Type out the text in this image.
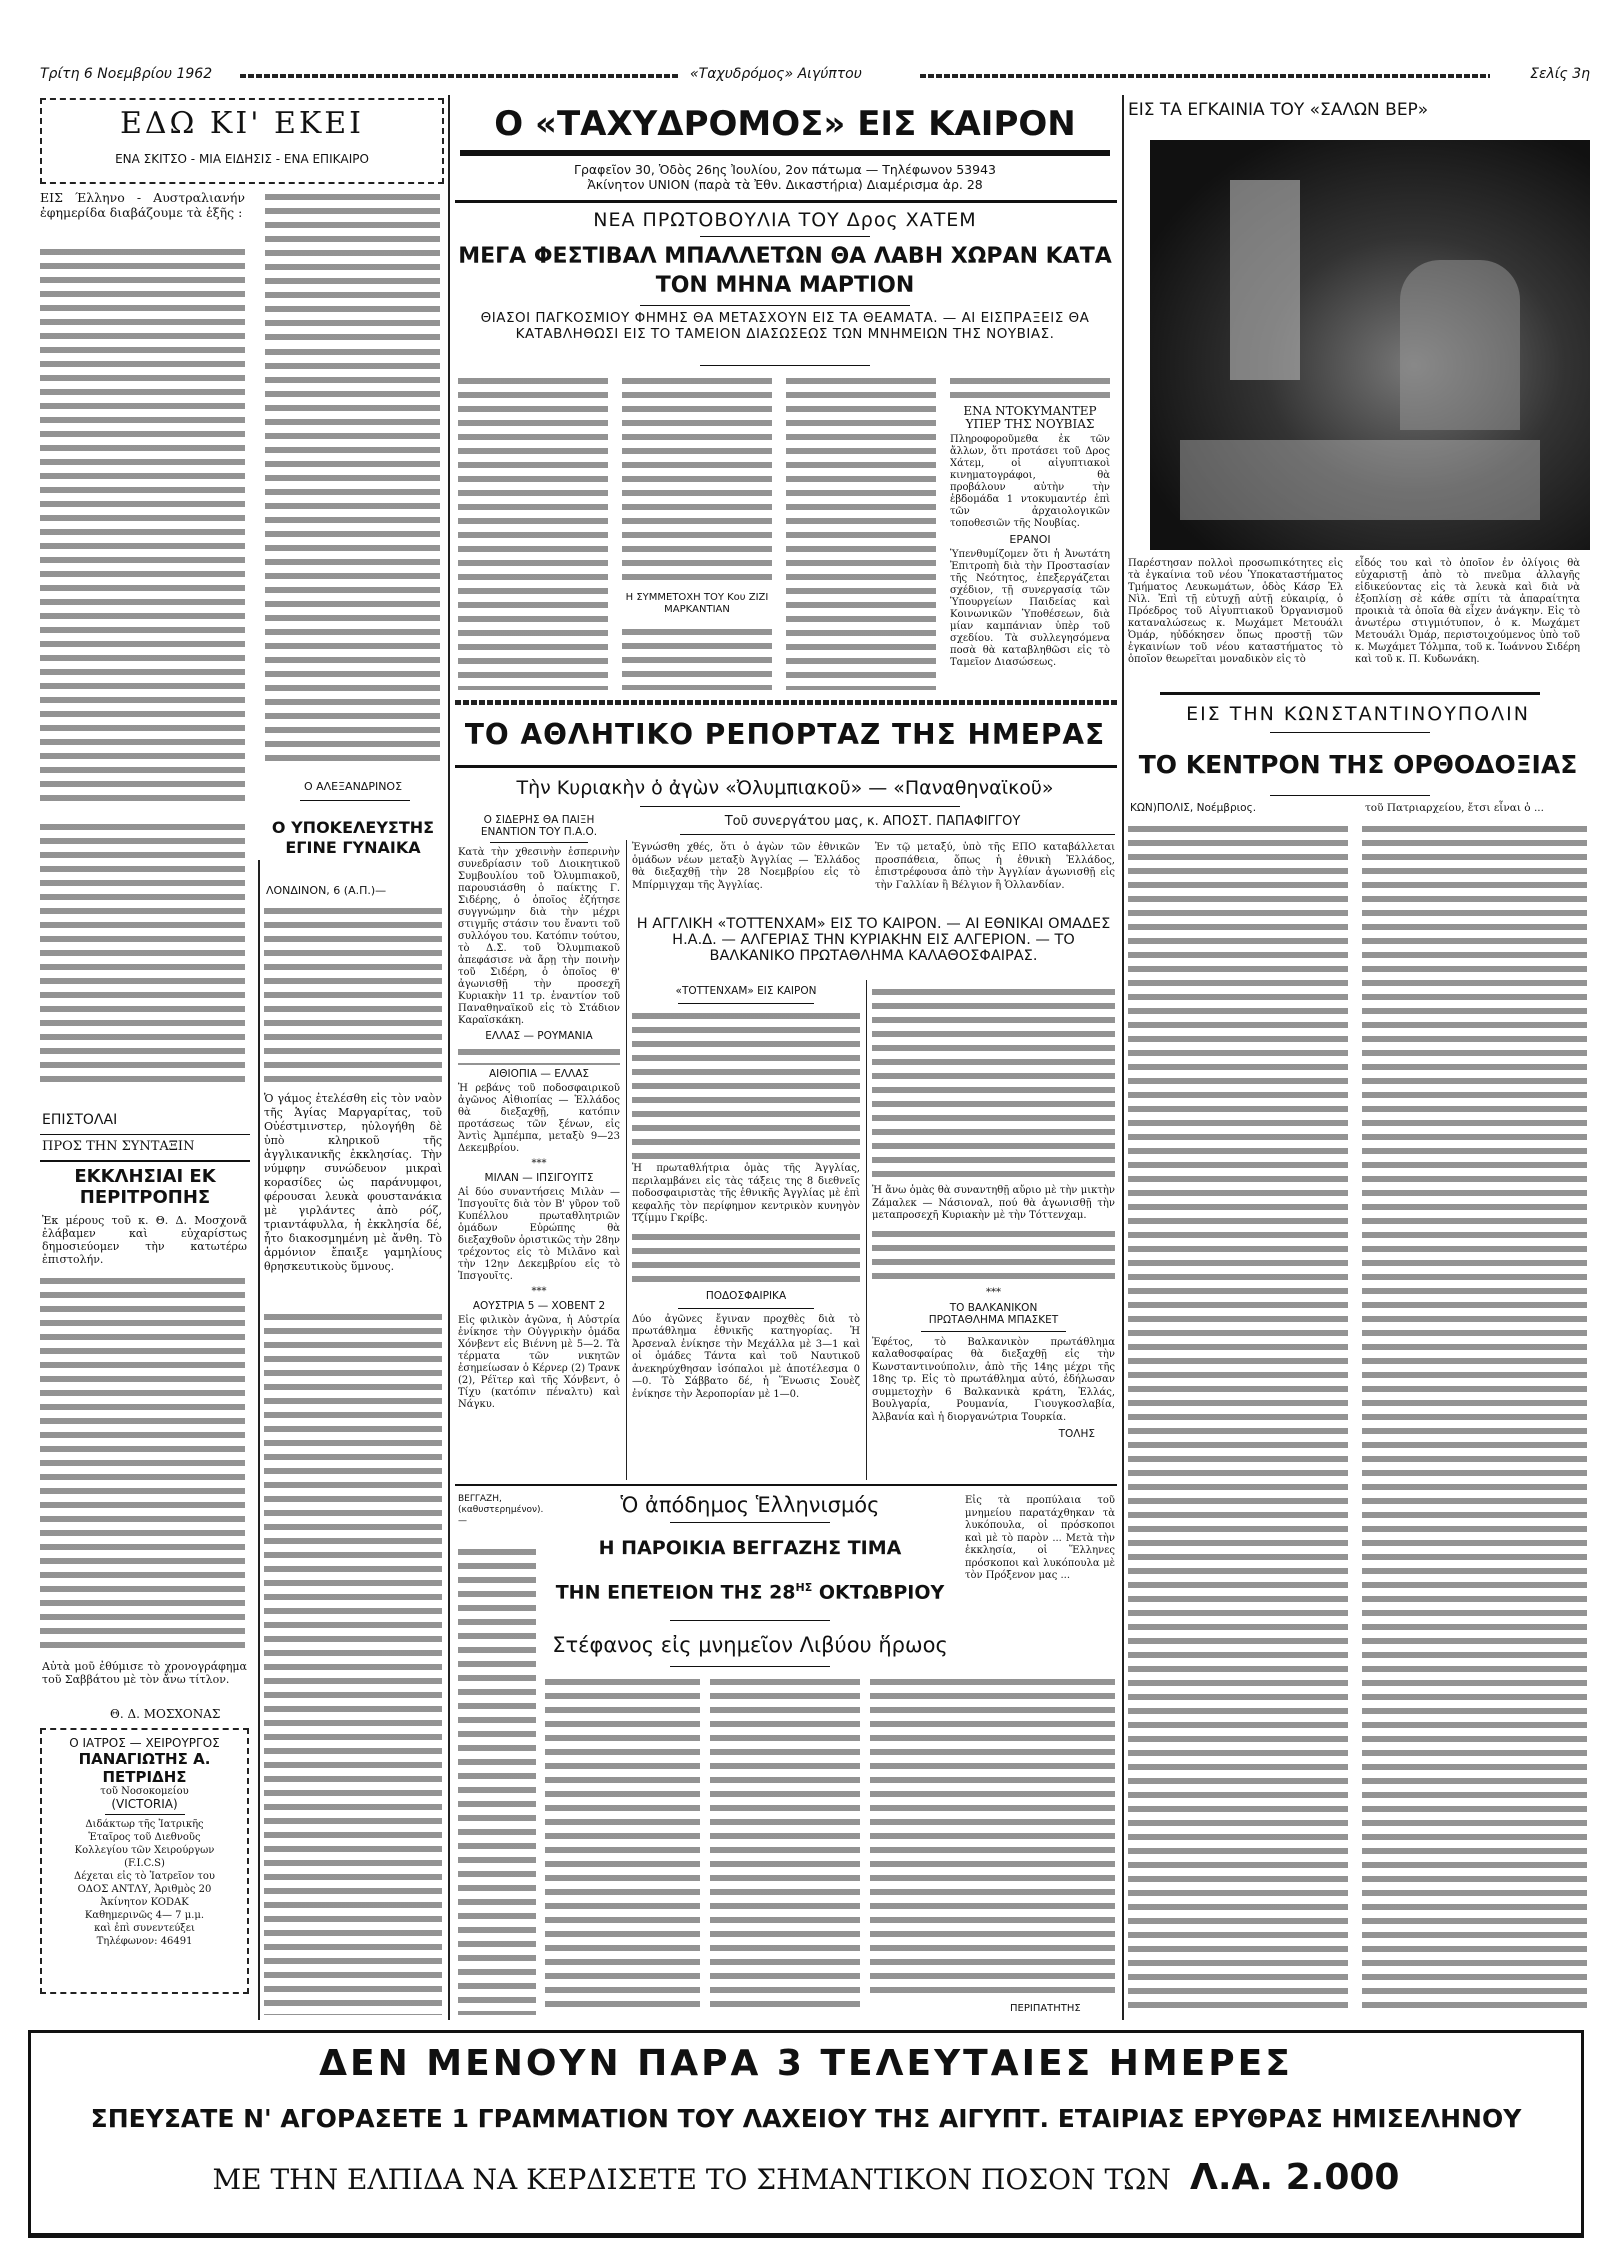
Τρίτη 6 Νοεμβρίου 1962	«Ταχυδρόμος» Αιγύπτου	Σελίς 3η
ΕΔΩ ΚΙ' ΕΚΕΙ
ΕΝΑ ΣΚΙΤΣΟ - ΜΙΑ ΕΙΔΗΣΙΣ - ΕΝΑ ΕΠΙΚΑΙΡΟ
ΕΙΣ Έλληνο - Αυστραλιανήν ἐφημερίδα διαβάζουμε τὰ ἑξῆς :
ΕΠΙΣΤΟΛΑΙ
ΠΡΟΣ ΤΗΝ ΣΥΝΤΑΞΙΝ
ΕΚΚΛΗΣΙΑΙ ΕΚ ΠΕΡΙΤΡΟΠΗΣ
Ἐκ μέρους τοῦ κ. Θ. Δ. Μοσχονᾶ ἐλάβαμεν καὶ εὐχαρίστως δημοσιεύομεν τὴν κατωτέρω ἐπιστολήν.
Αὐτὰ μοῦ ἐθύμισε τὸ χρονογράφημα τοῦ Σαββάτου μὲ τὸν ἄνω τίτλον.
Θ. Δ. ΜΟΣΧΟΝΑΣ
Ο ΙΑΤΡΟΣ — ΧΕΙΡΟΥΡΓΟΣ
ΠΑΝΑΓΙΩΤΗΣ Α. ΠΕΤΡΙΔΗΣ
τοῦ Νοσοκομείου
(VICTORIA)
Διδάκτωρ τῆς Ἰατρικῆς
Ἑταῖρος τοῦ Διεθνοῦς
Κολλεγίου τῶν Χειρούργων
(F.I.C.S)
Δέχεται εἰς τὸ Ἰατρεῖον του
ΟΔΟΣ ΑΝΤΛΥ, Ἀριθμὸς 20
Ἀκίνητον KODAK
Καθημερινῶς 4— 7 μ.μ.
καὶ ἐπὶ συνεντεύξει
Τηλέφωνον: 46491
Ο ΑΛΕΞΑΝΔΡΙΝΟΣ
Ο ΥΠΟΚΕΛΕΥΣΤΗΣ ΕΓΙΝΕ ΓΥΝΑΙΚΑ
ΛΟΝΔΙΝΟΝ, 6 (Α.Π.)—
Ὁ γάμος ἐτελέσθη εἰς τὸν ναὸν τῆς Ἁγίας Μαργαρίτας, τοῦ Οὐέστμινστερ, ηὐλογήθη δὲ ὑπὸ κληρικοῦ τῆς ἀγγλικανικῆς ἐκκλησίας. Τὴν νύμφην συνώδευον μικραὶ κορασίδες ὡς παράνυμφοι, φέρουσαι λευκὰ φουστανάκια μὲ γιρλάντες ἀπὸ ρόζ, τριαντάφυλλα, ἡ ἐκκλησία δέ, ἦτο διακοσμημένη μὲ ἄνθη. Τὸ ἁρμόνιον ἔπαιξε γαμηλίους θρησκευτικοὺς ὕμνους.
Ο «ΤΑΧΥΔΡΟΜΟΣ» ΕΙΣ ΚΑΙΡΟΝ
Γραφεῖον 30, Ὁδὸς 26ης Ἰουλίου, 2ον πάτωμα — Τηλέφωνον 53943
Ἀκίνητον UNION (παρὰ τὰ Ἐθν. Δικαστήρια) Διαμέρισμα ἀρ. 28
ΝΕΑ ΠΡΩΤΟΒΟΥΛΙΑ ΤΟΥ Δρος ΧΑΤΕΜ
ΜΕΓΑ ΦΕΣΤΙΒΑΛ ΜΠΑΛΛΕΤΩΝ ΘΑ ΛΑΒΗ ΧΩΡΑΝ ΚΑΤΑ ΤΟΝ ΜΗΝΑ ΜΑΡΤΙΟΝ
ΘΙΑΣΟΙ ΠΑΓΚΟΣΜΙΟΥ ΦΗΜΗΣ ΘΑ ΜΕΤΑΣΧΟΥΝ ΕΙΣ ΤΑ ΘΕΑΜΑΤΑ. — ΑΙ ΕΙΣΠΡΑΞΕΙΣ ΘΑ ΚΑΤΑΒΛΗΘΩΣΙ ΕΙΣ ΤΟ ΤΑΜΕΙΟΝ ΔΙΑΣΩΣΕΩΣ ΤΩΝ ΜΝΗΜΕΙΩΝ ΤΗΣ ΝΟΥΒΙΑΣ.
Η ΣΥΜΜΕΤΟΧΗ ΤΟΥ Κου ΖΙΖΙ ΜΑΡΚΑΝΤΙΑΝ
ΕΝΑ ΝΤΟΚΥΜΑΝΤΕΡ ΥΠΕΡ ΤΗΣ ΝΟΥΒΙΑΣ
Πληροφοροῦμεθα ἐκ τῶν ἄλλων, ὅτι προτάσει τοῦ Δρος Χάτεμ, οἱ αἰγυπτιακοὶ κινηματογράφοι, θὰ προβάλουν αὐτὴν τὴν ἑβδομάδα 1 ντοκυμαντέρ ἐπὶ τῶν ἀρχαιολογικῶν τοποθεσιῶν τῆς Νουβίας.
ΕΡΑΝΟΙ
Ὑπενθυμίζομεν ὅτι ἡ Ἀνωτάτη Ἐπιτροπὴ διὰ τὴν Προστασίαν τῆς Νεότητος, ἐπεξεργάζεται σχέδιον, τῇ συνεργασίᾳ τῶν Ὑπουργείων Παιδείας καὶ Κοινωνικῶν Ὑποθέσεων, διὰ μίαν καμπάνιαν ὑπὲρ τοῦ σχεδίου. Τὰ συλλεγησόμενα ποσὰ θὰ καταβληθῶσι εἰς τὸ Ταμεῖον Διασώσεως.
ΤΟ ΑΘΛΗΤΙΚΟ ΡΕΠΟΡΤΑΖ ΤΗΣ ΗΜΕΡΑΣ
Τὴν Κυριακὴν ὁ ἀγὼν «Ὀλυμπιακοῦ» — «Παναθηναϊκοῦ»
Ο ΣΙΔΕΡΗΣ ΘΑ ΠΑΙΞΗ ΕΝΑΝΤΙΟΝ ΤΟΥ Π.Α.Ο.
Κατὰ τὴν χθεσινὴν ἑσπερινὴν συνεδρίασιν τοῦ Διοικητικοῦ Συμβουλίου τοῦ Ὀλυμπιακοῦ, παρουσιάσθη ὁ παίκτης Γ. Σιδέρης, ὁ ὁποῖος ἐζήτησε συγγνώμην διὰ τὴν μέχρι στιγμῆς στάσιν του ἔναντι τοῦ συλλόγου του. Κατόπιν τούτου, τὸ Δ.Σ. τοῦ Ὀλυμπιακοῦ ἀπεφάσισε νὰ ἄρῃ τὴν ποινὴν τοῦ Σιδέρη, ὁ ὁποῖος θ' ἀγωνισθῇ τὴν προσεχῆ Κυριακὴν 11 τρ. ἐναντίον τοῦ Παναθηναϊκοῦ εἰς τὸ Στάδιον Καραϊσκάκη.
ΕΛΛΑΣ — ΡΟΥΜΑΝΙΑ
ΑΙΘΙΟΠΙΑ — ΕΛΛΑΣ
Ἡ ρεβάνς τοῦ ποδοσφαιρικοῦ ἀγῶνος Αἰθιοπίας — Ἑλλάδος θὰ διεξαχθῇ, κατόπιν προτάσεως τῶν ξένων, εἰς Ἀντὶς Ἀμπέμπα, μεταξὺ 9—23 Δεκεμβρίου.
***
ΜΙΛΑΝ — ΙΠΣΙΓΟΥΙΤΣ
Αἱ δύο συναντήσεις Μιλὰν — Ἰπσγουῖτς διὰ τὸν Β' γῦρον τοῦ Κυπέλλου πρωταθλητριῶν ὁμάδων Εὐρώπης θὰ διεξαχθοῦν ὁριστικῶς τὴν 28ην τρέχοντος εἰς τὸ Μιλᾶνο καὶ τὴν 12ην Δεκεμβρίου εἰς τὸ Ἰπσγουῖτς.
***
ΑΟΥΣΤΡΙΑ 5 — ΧΟΒΕΝΤ 2
Εἰς φιλικὸν ἀγῶνα, ἡ Αὐστρία ἐνίκησε τὴν Οὐγγρικὴν ὁμάδα Χόνβεντ εἰς Βιέννη μὲ 5—2. Τὰ τέρματα τῶν νικητῶν ἐσημείωσαν ὁ Κέρνερ (2) Τρανκ (2), Ρέϊτερ καὶ τῆς Χόνβεντ, ὁ Τίχυ (κατόπιν πέναλτυ) καὶ Νάγκυ.
Τοῦ συνεργάτου μας, κ. ΑΠΟΣΤ. ΠΑΠΑΦΙΓΓΟΥ
Ἐγνώσθη χθές, ὅτι ὁ ἀγὼν τῶν ἐθνικῶν ὁμάδων νέων μεταξὺ Ἀγγλίας — Ἑλλάδος θὰ διεξαχθῇ τὴν 28 Νοεμβρίου εἰς τὸ Μπίρμιγχαμ τῆς Ἀγγλίας.
Ἐν τῷ μεταξύ, ὑπὸ τῆς ΕΠΟ καταβάλλεται προσπάθεια, ὅπως ἡ ἐθνικὴ Ἑλλάδος, ἐπιστρέφουσα ἀπὸ τὴν Ἀγγλίαν ἀγωνισθῇ εἰς τὴν Γαλλίαν ἢ Βέλγιον ἢ Ὁλλανδίαν.
Η ΑΓΓΛΙΚΗ «ΤΟΤΤΕΝΧΑΜ» ΕΙΣ ΤΟ ΚΑΙΡΟΝ. — ΑΙ ΕΘΝΙΚΑΙ ΟΜΑΔΕΣ Η.Α.Δ. — ΑΛΓΕΡΙΑΣ ΤΗΝ ΚΥΡΙΑΚΗΝ ΕΙΣ ΑΛΓΕΡΙΟΝ. — ΤΟ ΒΑΛΚΑΝΙΚΟ ΠΡΩΤΑΘΛΗΜΑ ΚΑΛΑΘΟΣΦΑΙΡΑΣ.
«ΤΟΤΤΕΝΧΑΜ» ΕΙΣ ΚΑΙΡΟΝ
Ἡ πρωταθλήτρια ὁμὰς τῆς Ἀγγλίας, περιλαμβάνει εἰς τὰς τάξεις της 8 διεθνεῖς ποδοσφαιριστὰς τῆς ἐθνικῆς Ἀγγλίας μὲ ἐπὶ κεφαλῆς τὸν περίφημον κεντρικὸν κυνηγὸν Τζίμμυ Γκρίβς.
ΠΟΔΟΣΦΑΙΡΙΚΑ
Δύο ἀγῶνες ἔγιναν προχθὲς διὰ τὸ πρωτάθλημα ἐθνικῆς κατηγορίας. Ἡ Ἀρσεναλ ἐνίκησε τὴν Μεχάλλα μὲ 3—1 καὶ οἱ ὁμάδες Τάντα καὶ τοῦ Ναυτικοῦ ἀνεκηρύχθησαν ἰσόπαλοι μὲ ἀποτέλεσμα 0—0. Τὸ Σάββατο δέ, ἡ Ἕνωσις Σουὲζ ἐνίκησε τὴν Ἀεροπορίαν μὲ 1—0.
Ἡ ἄνω ὁμὰς θὰ συναντηθῇ αὔριο μὲ τὴν μικτὴν Ζάμαλεκ — Νάσιοναλ, πού θὰ ἀγωνισθῇ τὴν μεταπροσεχῆ Κυριακὴν μὲ τὴν Τόττενχαμ.
***
ΤΟ ΒΑΛΚΑΝΙΚΟΝ ΠΡΩΤΑΘΛΗΜΑ ΜΠΑΣΚΕΤ
Ἐφέτος, τὸ Βαλκανικὸν πρωτάθλημα καλαθοσφαίρας θὰ διεξαχθῇ εἰς τὴν Κωνσταντινούπολιν, ἀπὸ τῆς 14ης μέχρι τῆς 18ης τρ. Εἰς τὸ πρωτάθλημα αὐτό, ἐδήλωσαν συμμετοχὴν 6 Βαλκανικὰ κράτη, Ἑλλάς, Βουλγαρία, Ρουμανία, Γιουγκοσλαβία, Ἀλβανία καὶ ἡ διοργανώτρια Τουρκία.
ΤΟΛΗΣ
Ὁ ἀπόδημος Ἑλληνισμός
Η ΠΑΡΟΙΚΙΑ ΒΕΓΓΑΖΗΣ ΤΙΜΑ
ΤΗΝ ΕΠΕΤΕΙΟΝ ΤΗΣ $28^{H\Sigma}$ ΟΚΤΩΒΡΙΟΥ
Στέφανος εἰς μνημεῖον Λιβύου ἥρωος
ΒΕΓΓΑΖΗ, (καθυστερημένον).—
Εἰς τὰ προπύλαια τοῦ μνημείου παρατάχθηκαν τὰ λυκόπουλα, οἱ πρόσκοποι καὶ μὲ τὸ παρὸν ... Μετὰ τὴν ἐκκλησία, οἱ Ἕλληνες πρόσκοποι καὶ λυκόπουλα μὲ τὸν Πρόξενον μας ...
ΠΕΡΙΠΑΤΗΤΗΣ
ΕΙΣ ΤΑ ΕΓΚΑΙΝΙΑ ΤΟΥ «ΣΑΛΩΝ ΒΕΡ»
Παρέστησαν πολλοὶ προσωπικότητες εἰς τὰ ἐγκαίνια τοῦ νέου Ὑποκαταστήματος Τμήματος Λευκωμάτων, ὁδὸς Κάσρ Ἐλ Νὶλ. Ἐπὶ τῇ εὐτυχῇ αὐτῇ εὐκαιρίᾳ, ὁ Πρόεδρος τοῦ Αἰγυπτιακοῦ Ὀργανισμοῦ καταναλώσεως κ. Μωχάμετ Μετουάλι Ὀμάρ, ηὐδόκησεν ὅπως προστῇ τῶν ἐγκαινίων τοῦ νέου καταστήματος τὸ ὁποῖον θεωρεῖται μοναδικὸν εἰς τὸ
εἶδός του καὶ τὸ ὁποῖον ἐν ὀλίγοις θὰ εὐχαριστῇ ἀπὸ τὸ πνεῦμα ἀλλαγῆς εἰδικεύοντας εἰς τὰ λευκὰ καὶ διὰ νὰ ἐξοπλίσῃ σὲ κάθε σπίτι τὰ ἀπαραίτητα προικιὰ τὰ ὁποῖα θὰ εἶχεν ἀνάγκην. Εἰς τὸ ἀνωτέρω στιγμιότυπον, ὁ κ. Μωχάμετ Μετουάλι Ὀμάρ, περιστοιχούμενος ὑπὸ τοῦ κ. Μωχάμετ Τόλμπα, τοῦ κ. Ἰωάννου Σιδέρη καὶ τοῦ κ. Π. Κυδωνάκη.
ΕΙΣ ΤΗΝ ΚΩΝΣΤΑΝΤΙΝΟΥΠΟΛΙΝ
ΤΟ ΚΕΝΤΡΟΝ ΤΗΣ ΟΡΘΟΔΟΞΙΑΣ
ΚΩΝ)ΠΟΛΙΣ, Νοέμβριος.	τοῦ Πατριαρχείου, ἔτσι εἶναι ὁ ...
ΔΕΝ ΜΕΝΟΥΝ ΠΑΡΑ 3 ΤΕΛΕΥΤΑΙΕΣ ΗΜΕΡΕΣ
ΣΠΕΥΣΑΤΕ Ν' ΑΓΟΡΑΣΕΤΕ 1 ΓΡΑΜΜΑΤΙΟΝ ΤΟΥ ΛΑΧΕΙΟΥ ΤΗΣ ΑΙΓΥΠΤ. ΕΤΑΙΡΙΑΣ ΕΡΥΘΡΑΣ ΗΜΙΣΕΛΗΝΟΥ
ΜΕ ΤΗΝ ΕΛΠΙΔΑ ΝΑ ΚΕΡΔΙΣΕΤΕ ΤΟ ΣΗΜΑΝΤΙΚΟΝ ΠΟΣΟΝ ΤΩΝ Λ.Α. 2.000
